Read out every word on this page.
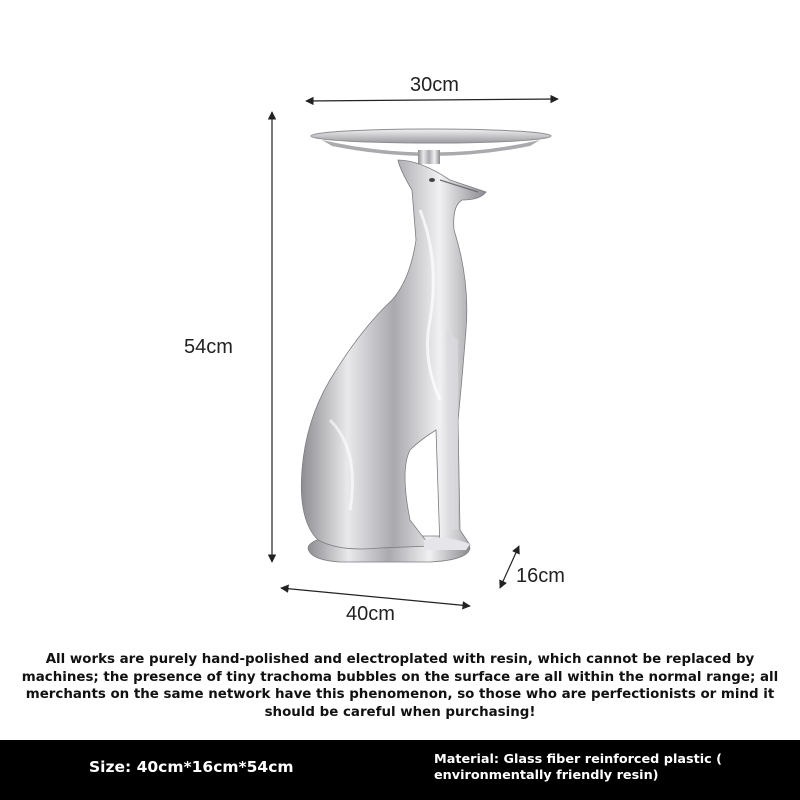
30cm
54cm
40cm
16cm
All works are purely hand-polished and electroplated with resin, which cannot be replaced by machines; the presence of tiny trachoma bubbles on the surface are all within the normal range; all merchants on the same network have this phenomenon, so those who are perfectionists or mind it should be careful when purchasing!
Size: 40cm*16cm*54cm	Material: Glass fiber reinforced plastic ( environmentally friendly resin)
